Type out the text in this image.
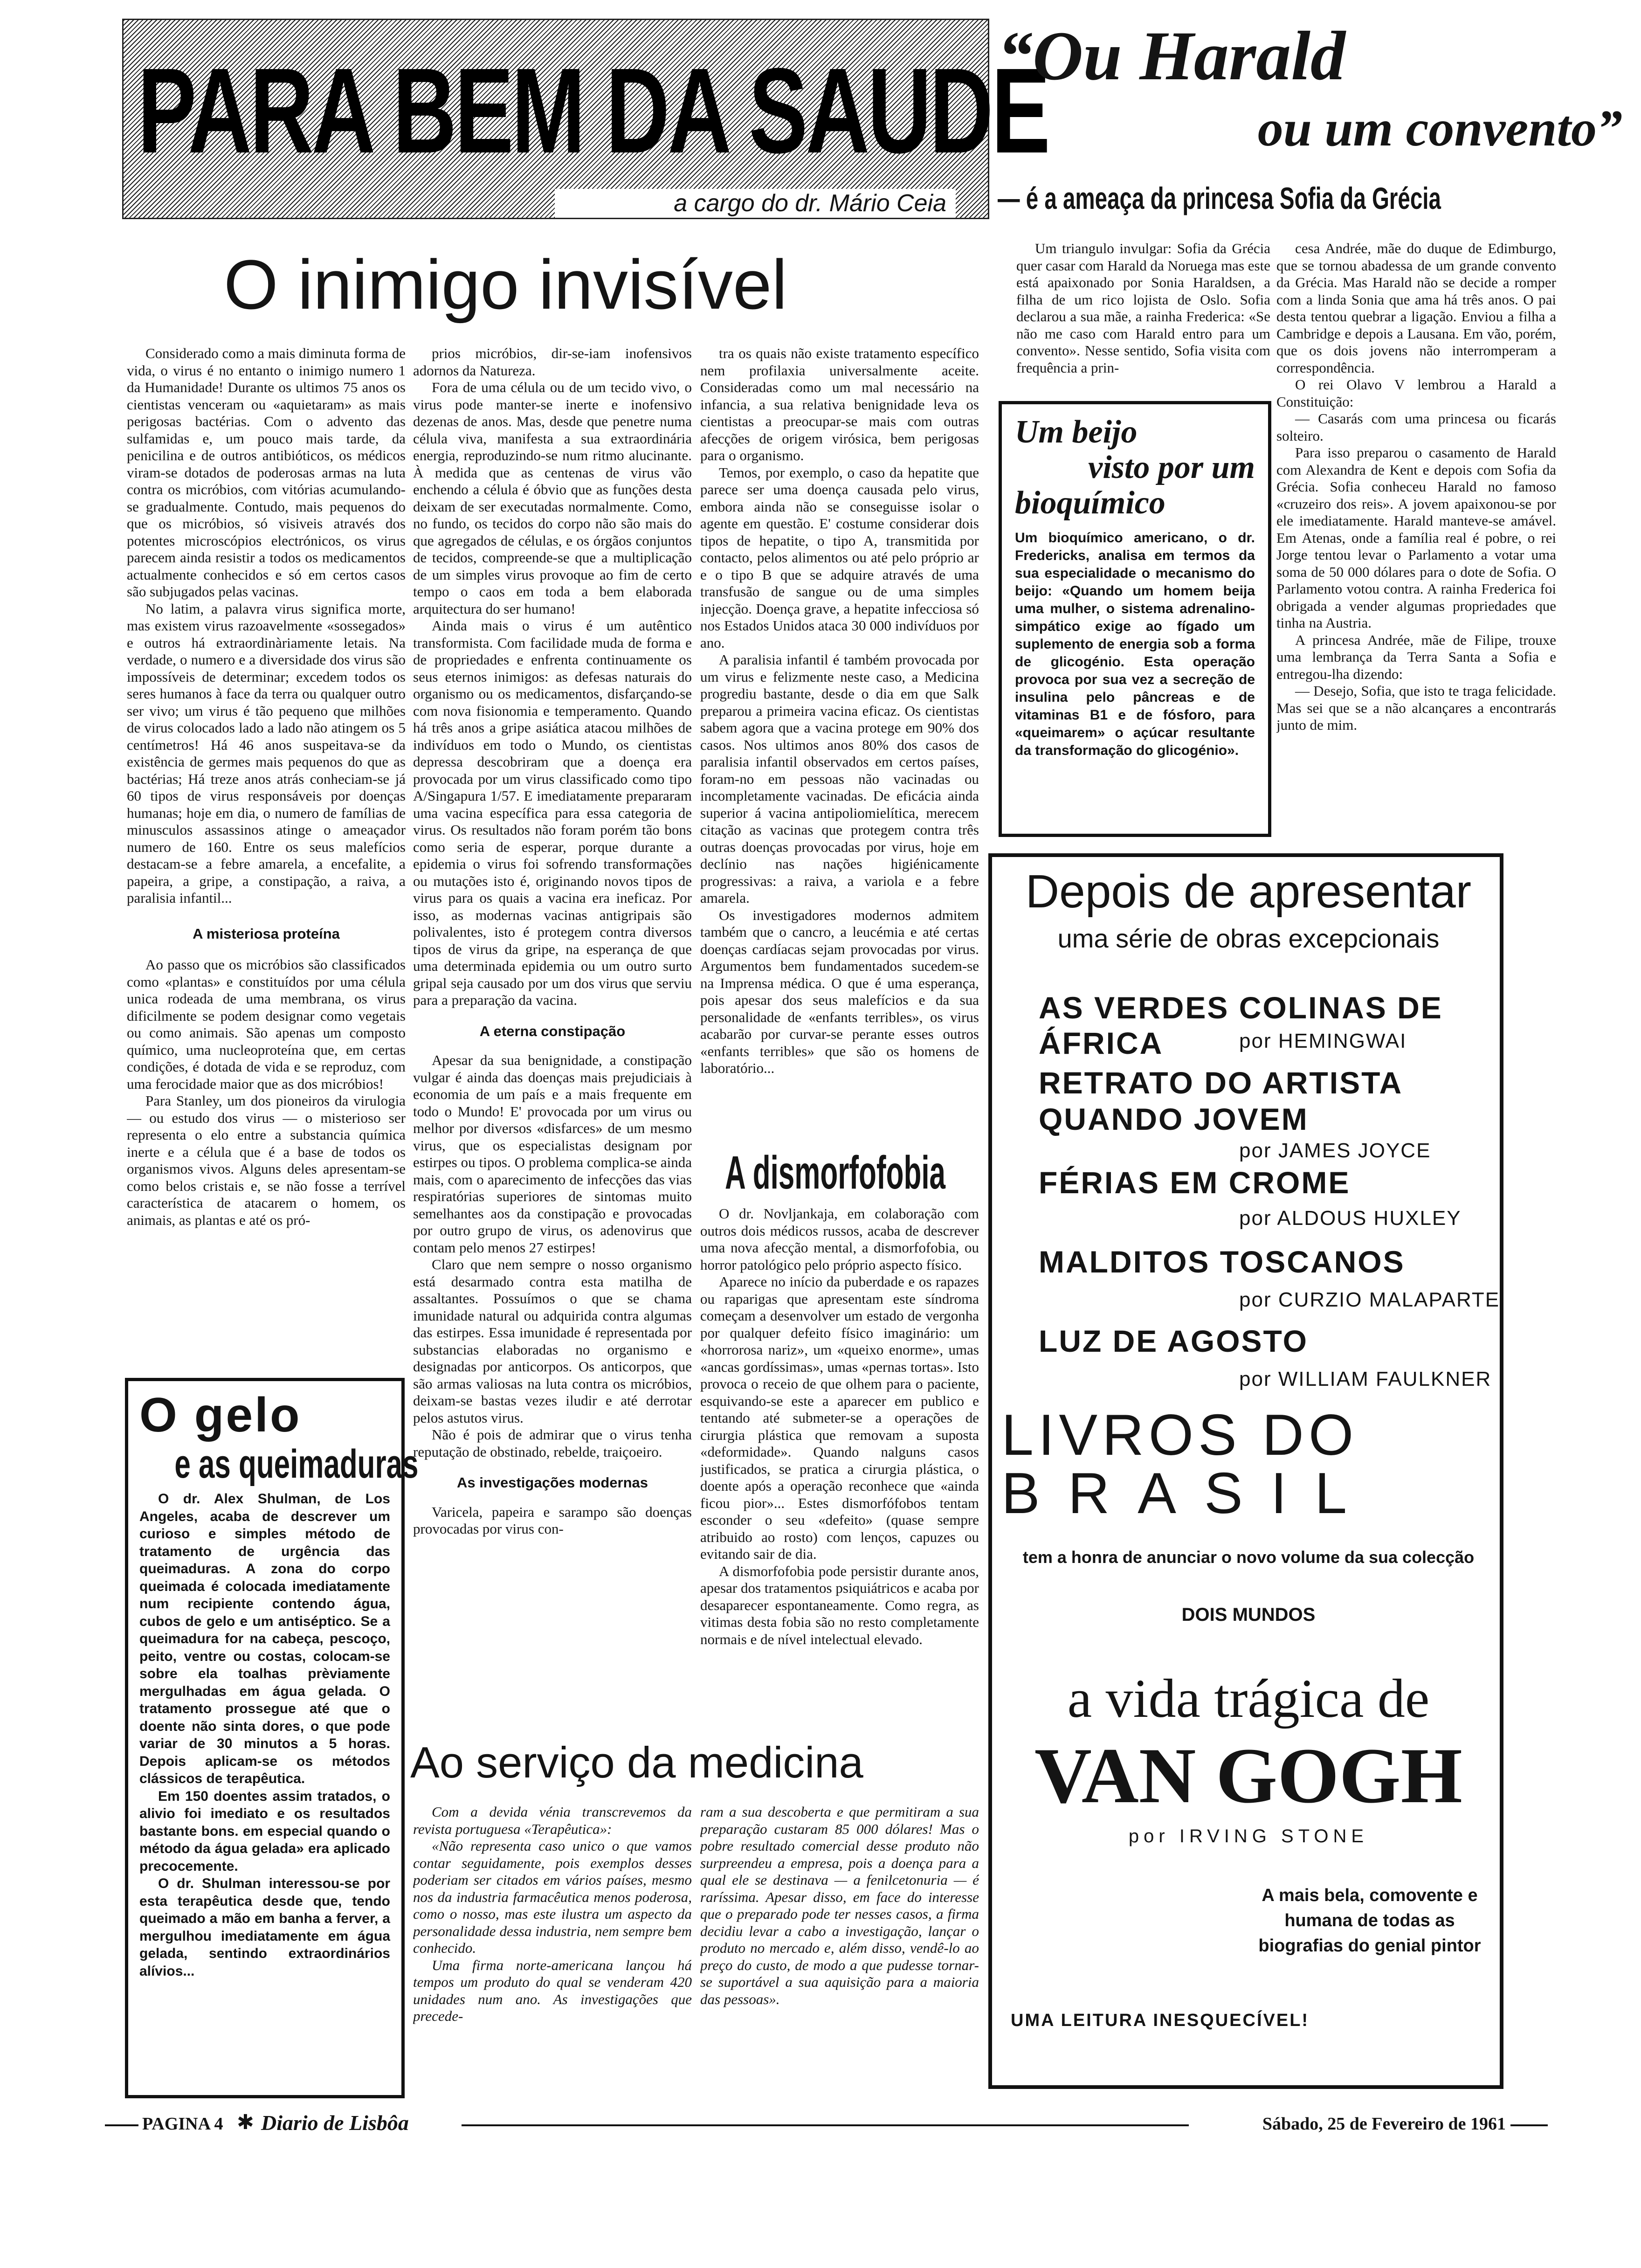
PARA BEM DA SAUDE
a cargo do dr. Mário Ceia
“Ou Harald
ou um convento”
— é a ameaça da princesa Sofia da Grécia

Um triangulo invulgar: Sofia da Grécia quer casar com Harald da Noruega mas este está apaixonado por Sonia Haraldsen, a filha de um rico lojista de Oslo. Sofia declarou a sua mãe, a rainha Frederica: «Se não me caso com Harald entro para um convento». Nesse sentido, Sofia visita com frequência a prin-

cesa Andrée, mãe do duque de Edimburgo, que se tornou abadessa de um grande convento da Grécia. Mas Harald não se decide a romper com a linda Sonia que ama há três anos. O pai desta tentou quebrar a ligação. Enviou a filha a Cambridge e depois a Lausana. Em vão, porém, que os dois jovens não interromperam a correspondência.

O rei Olavo V lembrou a Harald a Constituição:

— Casarás com uma princesa ou ficarás solteiro.

Para isso preparou o casamento de Harald com Alexandra de Kent e depois com Sofia da Grécia. Sofia conheceu Harald no famoso «cruzeiro dos reis». A jovem apaixonou-se por ele imediatamente. Harald manteve-se amável. Em Atenas, onde a família real é pobre, o rei Jorge tentou levar o Parlamento a votar uma soma de 50 000 dólares para o dote de Sofia. O Parlamento votou contra. A rainha Frederica foi obrigada a vender algumas propriedades que tinha na Austria.

A princesa Andrée, mãe de Filipe, trouxe uma lembrança da Terra Santa a Sofia e entregou-lha dizendo:

— Desejo, Sofia, que isto te traga felicidade. Mas sei que se a não alcançares a encontrarás junto de mim.

Um beijo
visto por um
bioquímico
Um bioquímico americano, o dr. Fredericks, analisa em termos da sua especialidade o mecanismo do beijo: «Quando um homem beija uma mulher, o sistema adrenalino-simpático exige ao fígado um suplemento de energia sob a forma de glicogénio. Esta operação provoca por sua vez a secreção de insulina pelo pâncreas e de vitaminas B1 e de fósforo, para «queimarem» o açúcar resultante da transformação do glicogénio».
O inimigo invisível

Considerado como a mais diminuta forma de vida, o virus é no entanto o inimigo numero 1 da Humanidade! Durante os ultimos 75 anos os cientistas venceram ou «aquietaram» as mais perigosas bactérias. Com o advento das sulfamidas e, um pouco mais tarde, da penicilina e de outros antibióticos, os médicos viram-se dotados de poderosas armas na luta contra os micróbios, com vitórias acumulando-se gradualmente. Contudo, mais pequenos do que os micróbios, só visiveis através dos potentes microscópios electrónicos, os virus parecem ainda resistir a todos os medicamentos actualmente conhecidos e só em certos casos são subjugados pelas vacinas.

No latim, a palavra virus significa morte, mas existem virus razoavelmente «sossegados» e outros há extraordinàriamente letais. Na verdade, o numero e a diversidade dos virus são impossíveis de determinar; excedem todos os seres humanos à face da terra ou qualquer outro ser vivo; um virus é tão pequeno que milhões de virus colocados lado a lado não atingem os 5 centímetros! Há 46 anos suspeitava-se da existência de germes mais pequenos do que as bactérias; Há treze anos atrás conheciam-se já 60 tipos de virus responsáveis por doenças humanas; hoje em dia, o numero de famílias de minusculos assassinos atinge o ameaçador numero de 160. Entre os seus malefícios destacam-se a febre amarela, a encefalite, a papeira, a gripe, a constipação, a raiva, a paralisia infantil...

A misteriosa proteína

Ao passo que os micróbios são classificados como «plantas» e constituídos por uma célula unica rodeada de uma membrana, os virus dificilmente se podem designar como vegetais ou como animais. São apenas um composto químico, uma nucleoproteína que, em certas condições, é dotada de vida e se reproduz, com uma ferocidade maior que as dos micróbios!

Para Stanley, um dos pioneiros da virulogia — ou estudo dos virus — o misterioso ser representa o elo entre a substancia química inerte e a célula que é a base de todos os organismos vivos. Alguns deles apresentam-se como belos cristais e, se não fosse a terrível característica de atacarem o homem, os animais, as plantas e até os pró-

prios micróbios, dir-se-iam inofensivos adornos da Natureza.

Fora de uma célula ou de um tecido vivo, o virus pode manter-se inerte e inofensivo dezenas de anos. Mas, desde que penetre numa célula viva, manifesta a sua extraordinária energia, reproduzindo-se num ritmo alucinante. À medida que as centenas de virus vão enchendo a célula é óbvio que as funções desta deixam de ser executadas normalmente. Como, no fundo, os tecidos do corpo não são mais do que agregados de células, e os órgãos conjuntos de tecidos, compreende-se que a multiplicação de um simples virus provoque ao fim de certo tempo o caos em toda a bem elaborada arquitectura do ser humano!

Ainda mais o virus é um autêntico transformista. Com facilidade muda de forma e de propriedades e enfrenta continuamente os seus eternos inimigos: as defesas naturais do organismo ou os medicamentos, disfarçando-se com nova fisionomia e temperamento. Quando há três anos a gripe asiática atacou milhões de indivíduos em todo o Mundo, os cientistas depressa descobriram que a doença era provocada por um virus classificado como tipo A/Singapura 1/57. E imediatamente prepararam uma vacina específica para essa categoria de virus. Os resultados não foram porém tão bons como seria de esperar, porque durante a epidemia o virus foi sofrendo transformações ou mutações isto é, originando novos tipos de virus para os quais a vacina era ineficaz. Por isso, as modernas vacinas antigripais são polivalentes, isto é protegem contra diversos tipos de virus da gripe, na esperança de que uma determinada epidemia ou um outro surto gripal seja causado por um dos virus que serviu para a preparação da vacina.

A eterna constipação

Apesar da sua benignidade, a constipação vulgar é ainda das doenças mais prejudiciais à economia de um país e a mais frequente em todo o Mundo! E' provocada por um virus ou melhor por diversos «disfarces» de um mesmo virus, que os especialistas designam por estirpes ou tipos. O problema complica-se ainda mais, com o aparecimento de infecções das vias respiratórias superiores de sintomas muito semelhantes aos da constipação e provocadas por outro grupo de virus, os adenovirus que contam pelo menos 27 estirpes!

Claro que nem sempre o nosso organismo está desarmado contra esta matilha de assaltantes. Possuímos o que se chama imunidade natural ou adquirida contra algumas das estirpes. Essa imunidade é representada por substancias elaboradas no organismo e designadas por anticorpos. Os anticorpos, que são armas valiosas na luta contra os micróbios, deixam-se bastas vezes iludir e até derrotar pelos astutos virus.

Não é pois de admirar que o virus tenha reputação de obstinado, rebelde, traiçoeiro.

As investigações modernas

Varicela, papeira e sarampo são doenças provocadas por virus con-

tra os quais não existe tratamento específico nem profilaxia universalmente aceite. Consideradas como um mal necessário na infancia, a sua relativa benignidade leva os cientistas a preocupar-se mais com outras afecções de origem virósica, bem perigosas para o organismo.

Temos, por exemplo, o caso da hepatite que parece ser uma doença causada pelo virus, embora ainda não se conseguisse isolar o agente em questão. E' costume considerar dois tipos de hepatite, o tipo A, transmitida por contacto, pelos alimentos ou até pelo próprio ar e o tipo B que se adquire através de uma transfusão de sangue ou de uma simples injecção. Doença grave, a hepatite infecciosa só nos Estados Unidos ataca 30 000 indivíduos por ano.

A paralisia infantil é também provocada por um virus e felizmente neste caso, a Medicina progrediu bastante, desde o dia em que Salk preparou a primeira vacina eficaz. Os cientistas sabem agora que a vacina protege em 90% dos casos. Nos ultimos anos 80% dos casos de paralisia infantil observados em certos países, foram-no em pessoas não vacinadas ou incompletamente vacinadas. De eficácia ainda superior á vacina antipoliomielítica, merecem citação as vacinas que protegem contra três outras doenças provocadas por virus, hoje em declínio nas nações higiénicamente progressivas: a raiva, a variola e a febre amarela.

Os investigadores modernos admitem também que o cancro, a leucémia e até certas doenças cardíacas sejam provocadas por virus. Argumentos bem fundamentados sucedem-se na Imprensa médica. O que é uma esperança, pois apesar dos seus malefícios e da sua personalidade de «enfants terribles», os virus acabarão por curvar-se perante esses outros «enfants terribles» que são os homens de laboratório...

A dismorfofobia

O dr. Novljankaja, em colaboração com outros dois médicos russos, acaba de descrever uma nova afecção mental, a dismorfofobia, ou horror patológico pelo próprio aspecto físico.

Aparece no início da puberdade e os rapazes ou raparigas que apresentam este síndroma começam a desenvolver um estado de vergonha por qualquer defeito físico imaginário: um «horrorosa nariz», um «queixo enorme», umas «ancas gordíssimas», umas «pernas tortas». Isto provoca o receio de que olhem para o paciente, esquivando-se este a aparecer em publico e tentando até submeter-se a operações de cirurgia plástica que removam a suposta «deformidade». Quando nalguns casos justificados, se pratica a cirurgia plástica, o doente após a operação reconhece que «ainda ficou pior»... Estes dismorfófobos tentam esconder o seu «defeito» (quase sempre atribuido ao rosto) com lenços, capuzes ou evitando sair de dia.

A dismorfofobia pode persistir durante anos, apesar dos tratamentos psiquiátricos e acaba por desaparecer espontaneamente. Como regra, as vitimas desta fobia são no resto completamente normais e de nível intelectual elevado.

O gelo
e as queimaduras

O dr. Alex Shulman, de Los Angeles, acaba de descrever um curioso e simples método de tratamento de urgência das queimaduras. A zona do corpo queimada é colocada imediatamente num recipiente contendo água, cubos de gelo e um antiséptico. Se a queimadura for na cabeça, pescoço, peito, ventre ou costas, colocam-se sobre ela toalhas prèviamente mergulhadas em água gelada. O tratamento prossegue até que o doente não sinta dores, o que pode variar de 30 minutos a 5 horas. Depois aplicam-se os métodos clássicos de terapêutica.

Em 150 doentes assim tratados, o alivio foi imediato e os resultados bastante bons. em especial quando o método da água gelada» era aplicado precocemente.

O dr. Shulman interessou-se por esta terapêutica desde que, tendo queimado a mão em banha a ferver, a mergulhou imediatamente em água gelada, sentindo extraordinários alívios...

Ao serviço da medicina

Com a devida vénia transcrevemos da revista portuguesa «Terapêutica»:

«Não representa caso unico o que vamos contar seguidamente, pois exemplos desses poderiam ser citados em vários países, mesmo nos da industria farmacêutica menos poderosa, como o nosso, mas este ilustra um aspecto da personalidade dessa industria, nem sempre bem conhecido.

Uma firma norte-americana lançou há tempos um produto do qual se venderam 420 unidades num ano. As investigações que precede-

ram a sua descoberta e que permitiram a sua preparação custaram 85 000 dólares! Mas o pobre resultado comercial desse produto não surpreendeu a empresa, pois a doença para a qual ele se destinava — a fenilcetonuria — é raríssima. Apesar disso, em face do interesse que o preparado pode ter nesses casos, a firma decidiu levar a cabo a investigação, lançar o produto no mercado e, além disso, vendê-lo ao preço do custo, de modo a que pudesse tornar-se suportável a sua aquisição para a maioria das pessoas».

Depois de apresentar
uma série de obras excepcionais
AS VERDES COLINAS DE ÁFRICA	por HEMINGWAI
RETRATO DO ARTISTA QUANDO JOVEM
por JAMES JOYCE
FÉRIAS EM CROME
por ALDOUS HUXLEY
MALDITOS TOSCANOS
por CURZIO MALAPARTE
LUZ DE AGOSTO
por WILLIAM FAULKNER
LIVROS DO
BRASIL
tem a honra de anunciar o novo volume da sua colecção
DOIS MUNDOS
a vida trágica de
VAN GOGH
por IRVING STONE
A mais bela, comovente e humana de todas as biografias do genial pintor
UMA LEITURA INESQUECÍVEL!
PAGINA 4 ✱ Diario de Lisbôa	Sábado, 25 de Fevereiro de 1961
